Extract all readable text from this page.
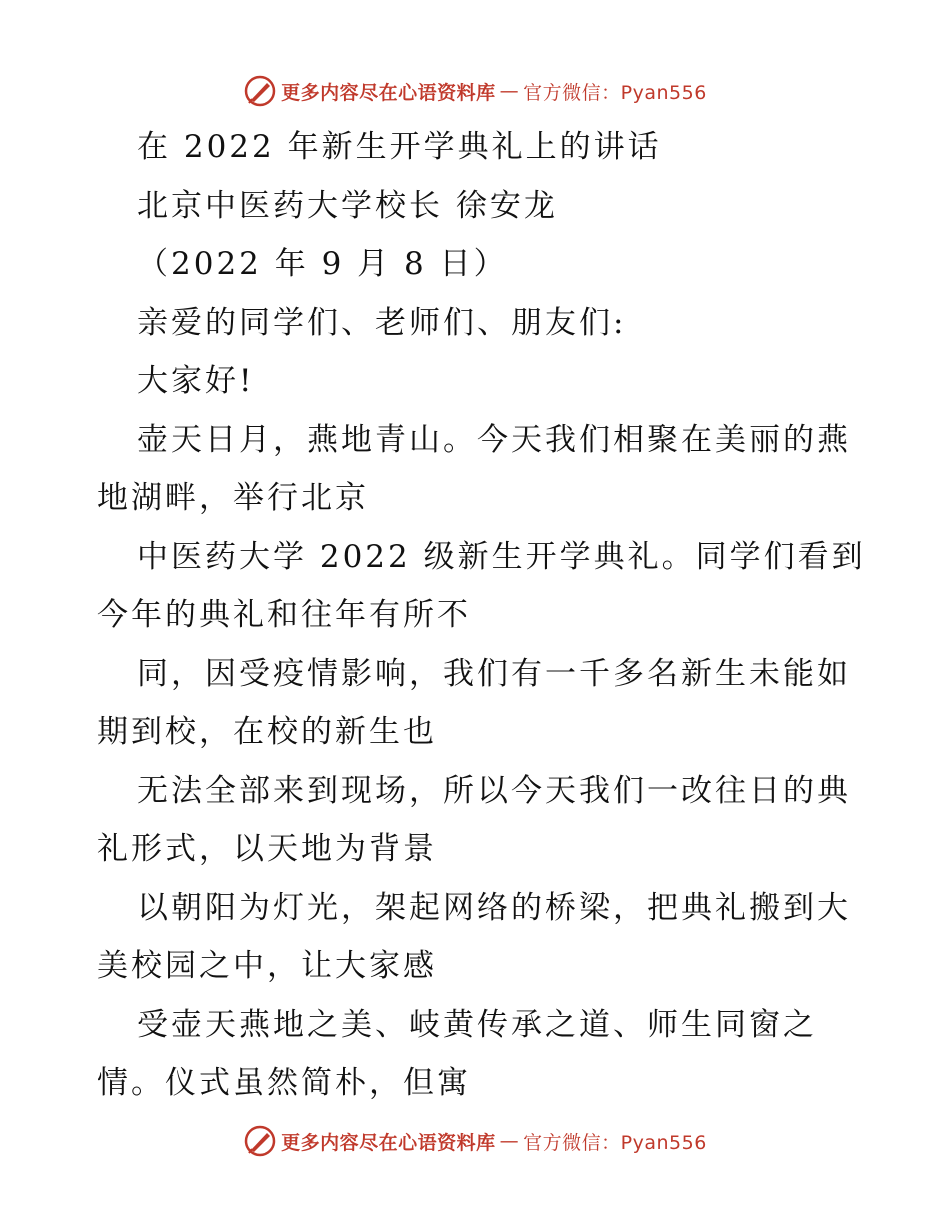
更多内容尽在心语资料库 — 官方微信：Pyan556
在 2022 年新生开学典礼上的讲话
北京中医药大学校长 徐安龙
（2022 年 9 月 8 日）
亲爱的同学们、老师们、朋友们:
大家好!
壶天日月，燕地青山。今天我们相聚在美丽的燕
地湖畔，举行北京
中医药大学 2022 级新生开学典礼。同学们看到
今年的典礼和往年有所不
同，因受疫情影响，我们有一千多名新生未能如
期到校，在校的新生也
无法全部来到现场，所以今天我们一改往日的典
礼形式，以天地为背景
以朝阳为灯光，架起网络的桥梁，把典礼搬到大
美校园之中，让大家感
受壶天燕地之美、岐黄传承之道、师生同窗之
情。仪式虽然简朴，但寓
更多内容尽在心语资料库 — 官方微信：Pyan556
